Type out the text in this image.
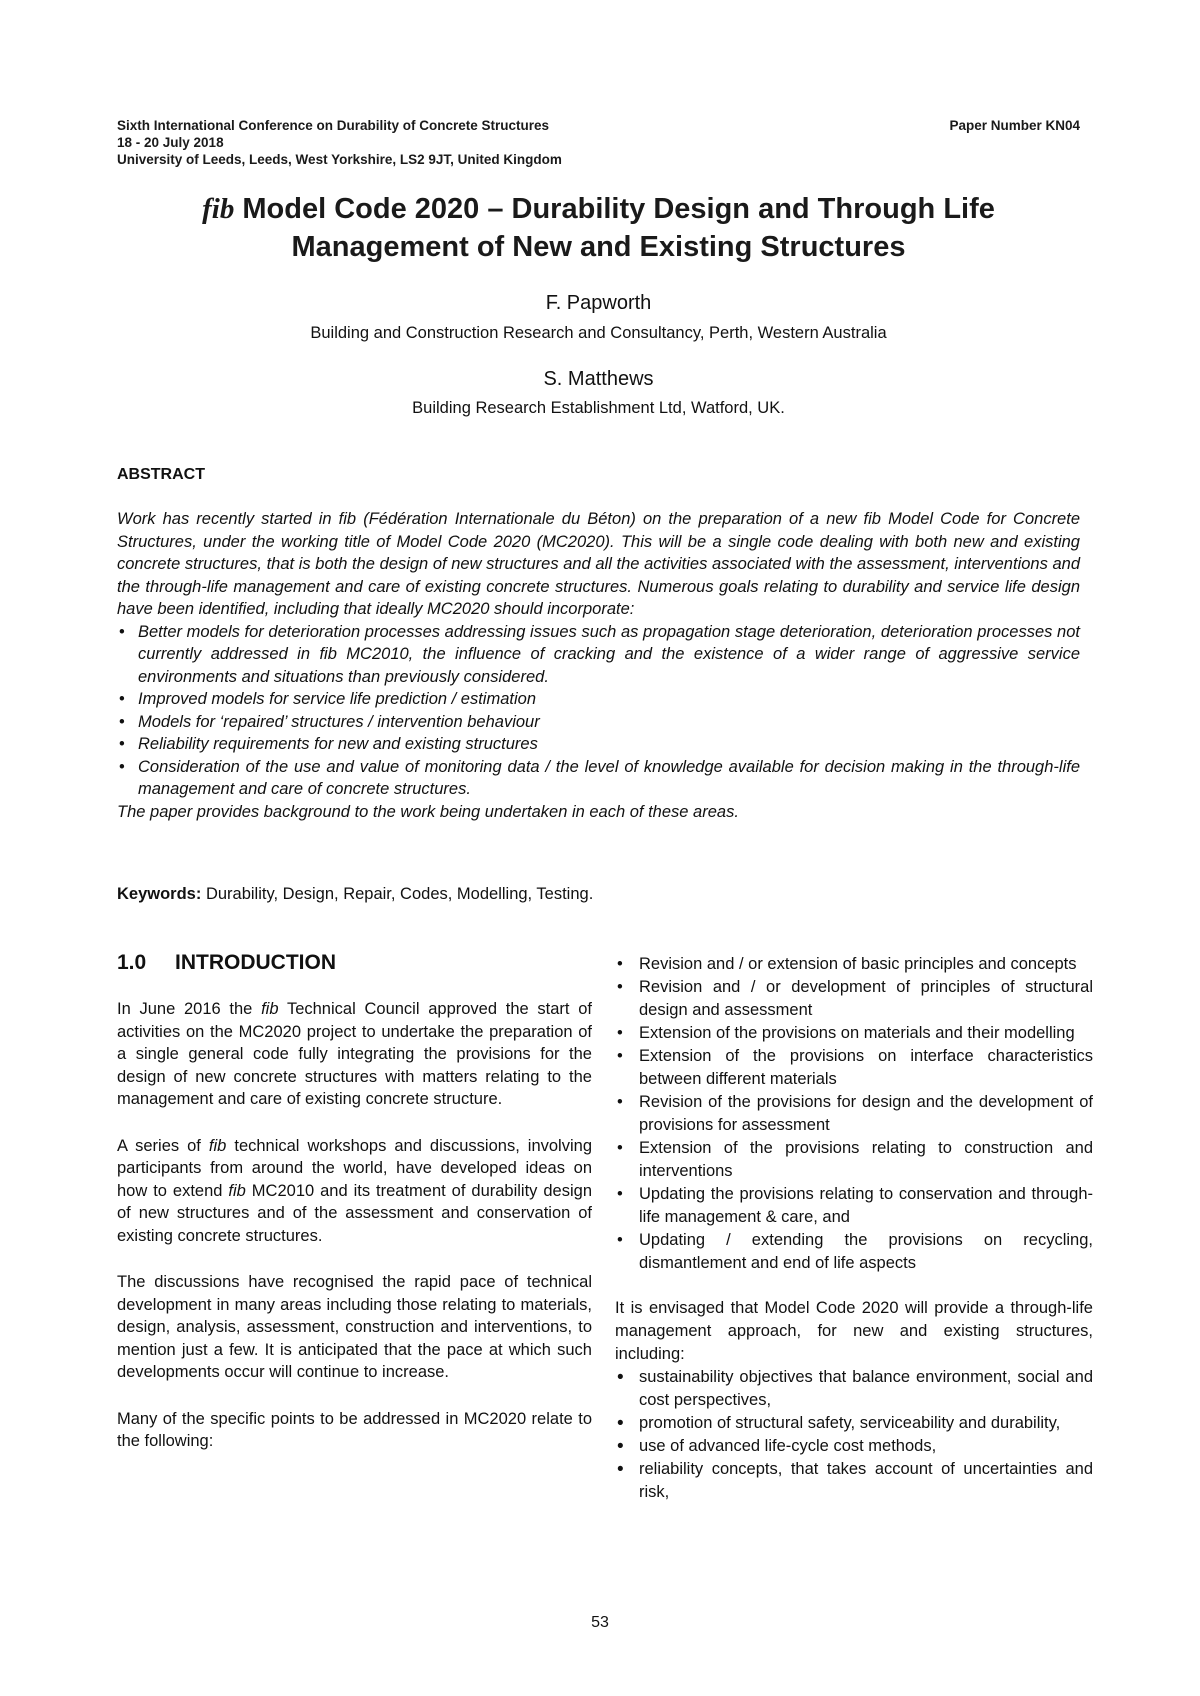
Sixth International Conference on Durability of Concrete Structures
18 - 20 July 2018
University of Leeds, Leeds, West Yorkshire, LS2 9JT, United Kingdom
Paper Number KN04
fib Model Code 2020 – Durability Design and Through Life
Management of New and Existing Structures
F. Papworth
Building and Construction Research and Consultancy, Perth, Western Australia
S. Matthews
Building Research Establishment Ltd, Watford, UK.
ABSTRACT

Work has recently started in fib (Fédération Internationale du Béton) on the preparation of a new fib Model Code for Concrete Structures, under the working title of Model Code 2020 (MC2020). This will be a single code dealing with both new and existing concrete structures, that is both the design of new structures and all the activities associated with the assessment, interventions and the through-life management and care of existing concrete structures. Numerous goals relating to durability and service life design have been identified, including that ideally MC2020 should incorporate:

• Better models for deterioration processes addressing issues such as propagation stage deterioration, deterioration processes not currently addressed in fib MC2010, the influence of cracking and the existence of a wider range of aggressive service environments and situations than previously considered.
• Improved models for service life prediction / estimation
• Models for ‘repaired’ structures / intervention behaviour
• Reliability requirements for new and existing structures
• Consideration of the use and value of monitoring data / the level of knowledge available for decision making in the through-life management and care of concrete structures.

The paper provides background to the work being undertaken in each of these areas.

Keywords: Durability, Design, Repair, Codes, Modelling, Testing.
1.0 INTRODUCTION

In June 2016 the fib Technical Council approved the start of activities on the MC2020 project to undertake the preparation of a single general code fully integrating the provisions for the design of new concrete structures with matters relating to the management and care of existing concrete structure.

A series of fib technical workshops and discussions, involving participants from around the world, have developed ideas on how to extend fib MC2010 and its treatment of durability design of new structures and of the assessment and conservation of existing concrete structures.

The discussions have recognised the rapid pace of technical development in many areas including those relating to materials, design, analysis, assessment, construction and interventions, to mention just a few. It is anticipated that the pace at which such developments occur will continue to increase.

Many of the specific points to be addressed in MC2020 relate to the following:

• Revision and / or extension of basic principles and concepts
• Revision and / or development of principles of structural design and assessment
• Extension of the provisions on materials and their modelling
• Extension of the provisions on interface characteristics between different materials
• Revision of the provisions for design and the development of provisions for assessment
• Extension of the provisions relating to construction and interventions
• Updating the provisions relating to conservation and through-life management & care, and
• Updating / extending the provisions on recycling, dismantlement and end of life aspects

It is envisaged that Model Code 2020 will provide a through-life management approach, for new and existing structures, including:

• sustainability objectives that balance environment, social and cost perspectives,
• promotion of structural safety, serviceability and durability,
• use of advanced life-cycle cost methods,
• reliability concepts, that takes account of uncertainties and risk,
53
